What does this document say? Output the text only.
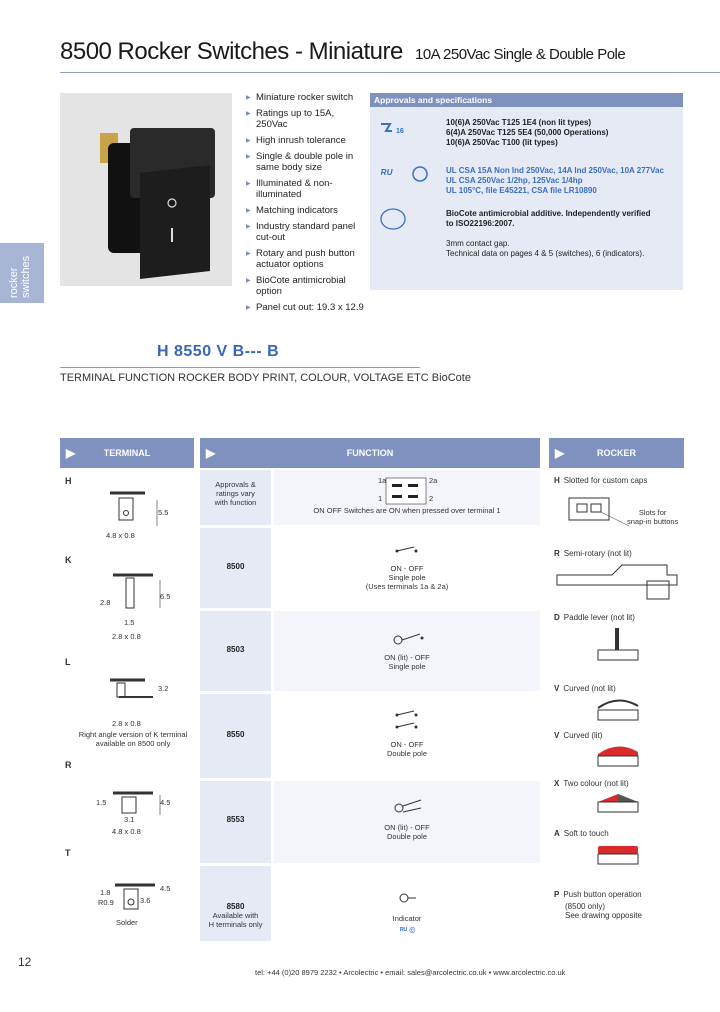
8500 Rocker Switches - Miniature 10A 250Vac Single & Double Pole
rocker
switches
▶ Miniature rocker switch
▶ Ratings up to 15A, 250Vac
▶ High inrush tolerance
▶ Single & double pole in same body size
▶ Illuminated & non-illuminated
▶ Matching indicators
▶ Industry standard panel cut-out
▶ Rotary and push button actuator options
▶ BioCote antimicrobial option
▶ Panel cut out: 19.3 x 12.9
Approvals and specifications
16
10(6)A 250Vac T125 1E4 (non lit types)
6(4)A 250Vac T125 5E4 (50,000 Operations)
10(6)A 250Vac T100 (lit types)
ᴿᵁ	UL CSA 15A Non Ind 250Vac, 14A Ind 250Vac, 10A 277Vac
UL CSA 250Vac 1/2hp, 125Vac 1/4hp
UL 105°C, file E45221, CSA file LR10890
BioCote antimicrobial additive. Independently verified
to ISO22196:2007.
3mm contact gap.
Technical data on pages 4 & 5 (switches), 6 (indicators).
H 8550 V B--- B
TERMINAL FUNCTION ROCKER BODY PRINT, COLOUR, VOLTAGE ETC BioCote
▶	TERMINAL	▶	FUNCTION	▶	ROCKER
H
5.5
4.8 x 0.8
K
2.8
6.5
1.5
2.8 x 0.8
L
3.2
2.8 x 0.8
Right angle version of K terminal
available on 8500 only
R
1.5	4.5
3.1
4.8 x 0.8
T
1.8
R0.9	3.6
4.5
Solder
Approvals &
ratings vary
with function
1a	2a
1	2
ON OFF Switches are ON when pressed over terminal 1
8500	ON - OFF
Single pole
(Uses terminals 1a & 2a)
8503
ON (lit) - OFF
Single pole
8550
ON - OFF
Double pole
8553
ON (lit) - OFF
Double pole
8580
Available with
H terminals only
Indicator
ᴿᵁ ©
H Slotted for custom caps
Slots for
snap-in buttons
R Semi-rotary (not lit)
D Paddle lever (not lit)
V Curved (not lit)
V Curved (lit)
X Two colour (not lit)
A Soft to touch
P Push button operation
(8500 only)
See drawing opposite
12
tel: +44 (0)20 8979 2232 • Arcolectric • email: sales@arcolectric.co.uk • www.arcolectric.co.uk
